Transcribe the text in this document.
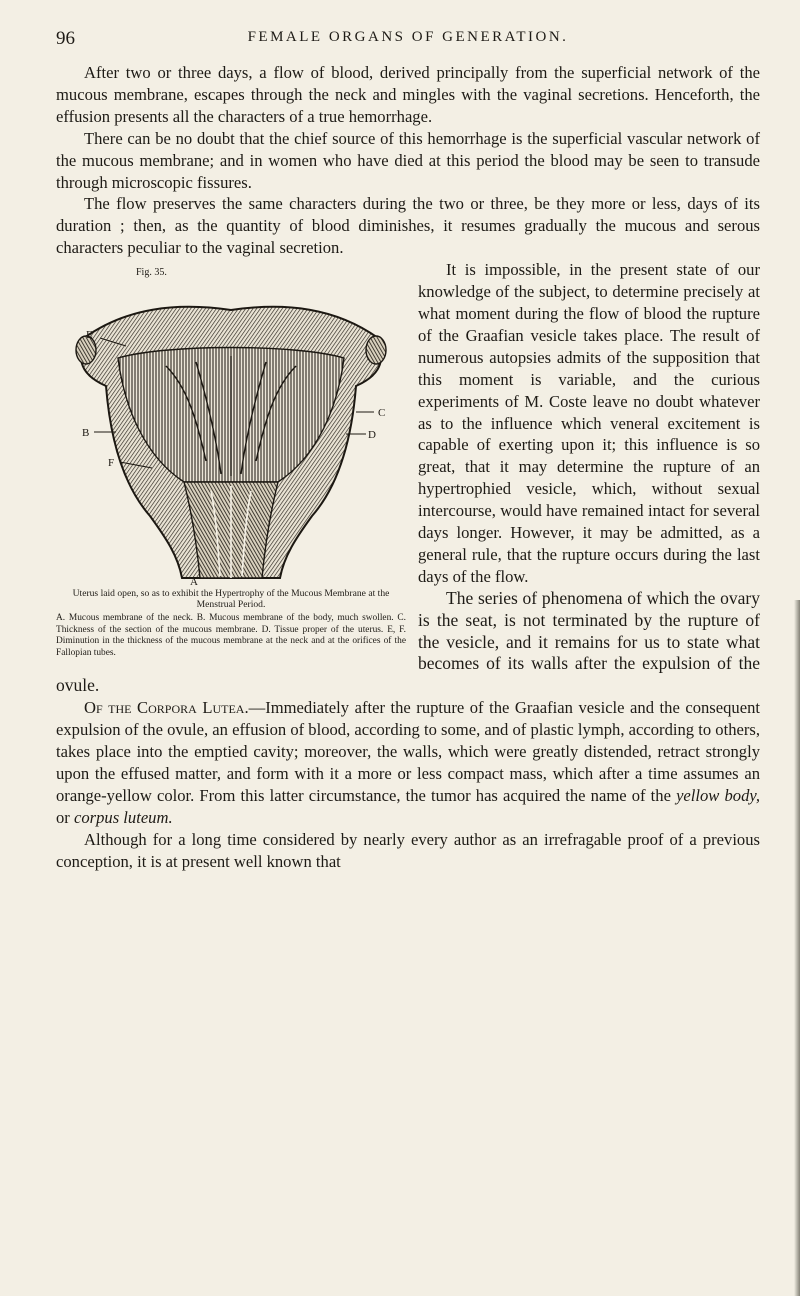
96	FEMALE ORGANS OF GENERATION.

After two or three days, a flow of blood, derived principally from the superficial network of the mucous membrane, escapes through the neck and mingles with the vaginal secretions. Henceforth, the effusion presents all the characters of a true hemorrhage.

There can be no doubt that the chief source of this hemorrhage is the superficial vascular network of the mucous membrane; and in women who have died at this period the blood may be seen to transude through microscopic fissures.

The flow preserves the same characters during the two or three, be they more or less, days of its duration ; then, as the quantity of blood diminishes, it resumes gradually the mucous and serous characters peculiar to the vaginal secretion.

Fig. 35.
E
C
B	D
F
A
Uterus laid open, so as to exhibit the Hypertrophy of the Mucous Membrane at the Menstrual Period.
A. Mucous membrane of the neck. B. Mucous membrane of the body, much swollen. C. Thickness of the section of the mucous membrane. D. Tissue proper of the uterus. E, F. Diminution in the thickness of the mucous membrane at the neck and at the orifices of the Fallopian tubes.

It is impossible, in the present state of our knowledge of the subject, to determine precisely at what moment during the flow of blood the rupture of the Graafian vesicle takes place. The result of numerous autopsies admits of the supposition that this moment is variable, and the curious experiments of M. Coste leave no doubt whatever as to the influence which veneral excitement is capable of exerting upon it; this influence is so great, that it may determine the rupture of an hypertrophied vesicle, which, without sexual intercourse, would have remained intact for several days longer. However, it may be admitted, as a general rule, that the rupture occurs during the last days of the flow.

The series of phenomena of which the ovary is the seat, is not terminated by the rupture of the vesicle, and it remains for us to state what becomes of its walls after the expulsion of the ovule.

Of the Corpora Lutea.—Immediately after the rupture of the Graafian vesicle and the consequent expulsion of the ovule, an effusion of blood, according to some, and of plastic lymph, according to others, takes place into the emptied cavity; moreover, the walls, which were greatly distended, retract strongly upon the effused matter, and form with it a more or less compact mass, which after a time assumes an orange-yellow color. From this latter circumstance, the tumor has acquired the name of the yellow body, or corpus luteum.

Although for a long time considered by nearly every author as an irrefragable proof of a previous conception, it is at present well known that
